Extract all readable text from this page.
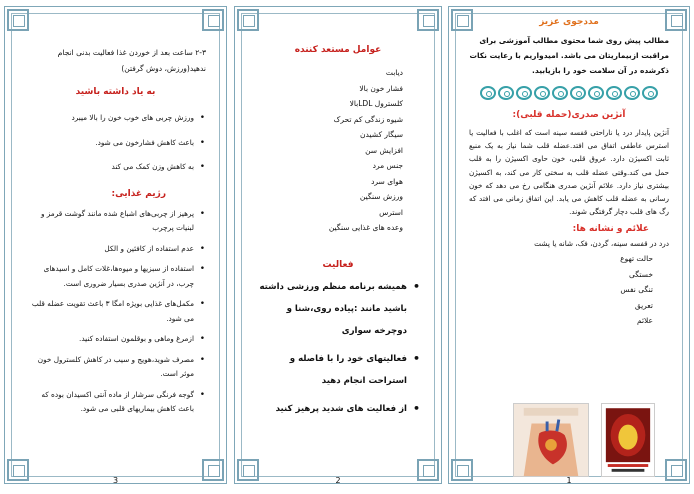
۲-۳ ساعت بعد از خوردن غذا فعالیت بدنی انجام ندهید(ورزش، دوش گرفتن)

به یاد داشته باشید

• ورزش چربی های خوب خون را بالا میبرد
• باعث کاهش فشارخون می شود.
• به کاهش وزن کمک می کند

رژیم غذایی:

• پرهیز از چربی‌های اشباع شده مانند گوشت قرمز و لبنیات پرچرب
• عدم استفاده از کافئین و الکل
• استفاده از سبزیها و میوه‌ها،غلات کامل و اسیدهای چرب، در آنژین صدری بسیار ضروری است.
• مکمل‌های غذایی بویژه امگا ۳ باعث تقویت عضله قلب می شود.
• ازمرغ وماهی و بوقلمون استفاده کنید.
• مصرف شوید،هویج و سیب در کاهش کلسترول خون موثر است.
• گوجه فرنگی سرشار از ماده آنتی اکسیدان بوده که باعث کاهش بیماریهای قلبی می شود.
3

عوامل مستعد کننده

دیابت
فشار خون بالا
کلسترول LDLبالا
شیوه زندگی کم تحرک
سیگار کشیدن
افزایش سن
جنس مرد
هوای سرد
ورزش سنگین
استرس
وعده های غذایی سنگین

فعالیت

• همیشه برنامه منظم ورزشی داشته باشید مانند :پیاده روی،شنا و دوچرخه سواری
• فعالیتهای خود را با فاصله و استراحت انجام دهید
• از فعالیت های شدید پرهیز کنید
2

مددجوی عزیز

مطالب پیش روی شما محتوی مطالب آموزشی برای مراقبت ازبیماریتان می باشد. امیدواریم با رعایت نکات ذکرشده در آن سلامت خود را بازیابید.

آنژین صدری(حمله قلبی):

آنژین پایدار درد یا ناراحتی قفسه سینه است که اغلب با فعالیت یا استرس عاطفی اتفاق می افتد.عضله قلب شما نیاز به یک منبع ثابت اکسیژن دارد. عروق قلبی، خون حاوی اکسیژن را به قلب حمل می کند.وقتی عضله قلب به سختی کار می کند، به اکسیژن بیشتری نیاز دارد. علائم آنژین صدری هنگامی رخ می دهد که خون رسانی به عضله قلب کاهش می یابد. این اتفاق زمانی می افتد که رگ های قلب دچار گرفتگی شوند.

علائم و نشانه ها:

درد در قفسه سینه، گردن، فک، شانه یا پشت

حالت تهوع
خستگی
تنگی نفس
تعریق
علائم
1
